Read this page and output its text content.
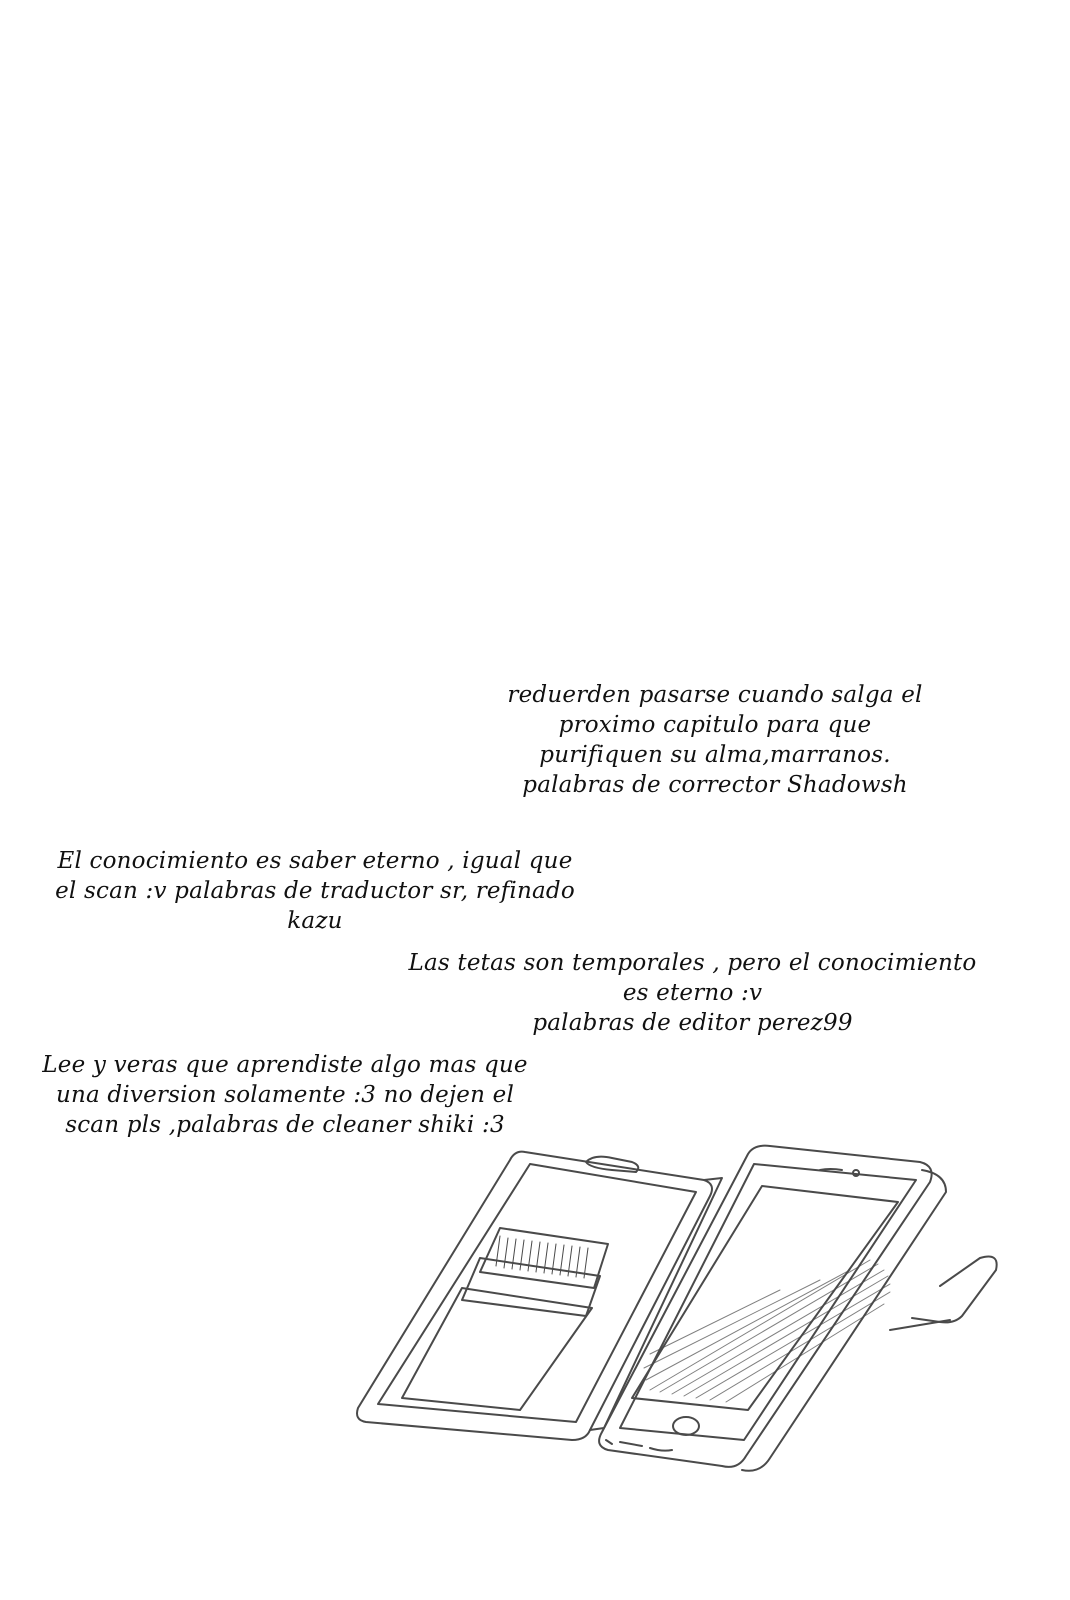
reduerden pasarse cuando salga el
proximo capitulo para que
purifiquen su alma,marranos.
palabras de corrector Shadowsh
El conocimiento es saber eterno , igual que
el scan :v palabras de traductor sr, refinado
kazu
Las tetas son temporales , pero el conocimiento
es eterno :v
palabras de editor perez99
Lee y veras que aprendiste algo mas que
una diversion solamente :3 no dejen el
scan pls ,palabras de cleaner shiki :3
